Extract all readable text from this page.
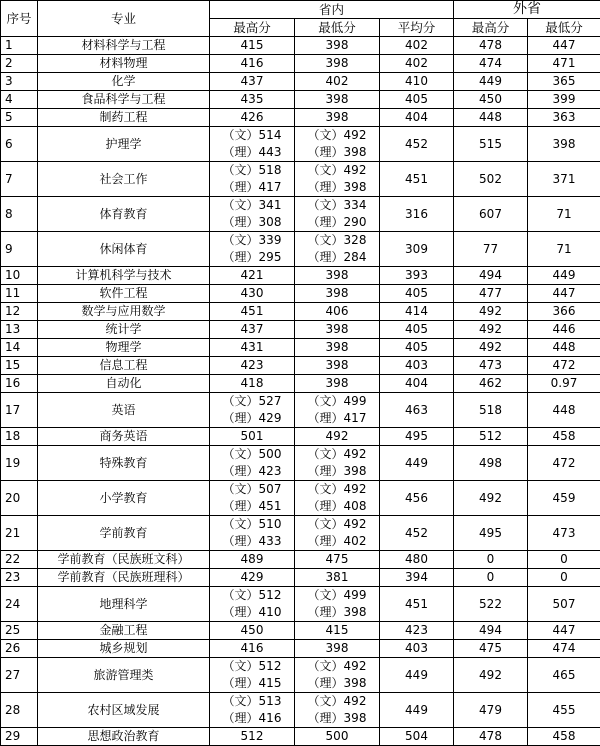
序号	专业	省内			外省	
		最高分	最低分	平均分	最高分	最低分
1	材料科学与工程	415	398	402	478	447
2	材料物理	416	398	402	474	471
3	化学	437	402	410	449	365
4	食品科学与工程	435	398	405	450	399
5	制药工程	426	398	404	448	363
6	护理学	（文）514
（理）443	（文）492
（理）398	452	515	398
7	社会工作	（文）518
（理）417	（文）492
（理）398	451	502	371
8	体育教育	（文）341
（理）308	（文）334
（理）290	316	607	71
9	休闲体育	（文）339
（理）295	（文）328
（理）284	309	77	71
10	计算机科学与技术	421	398	393	494	449
11	软件工程	430	398	405	477	447
12	数学与应用数学	451	406	414	492	366
13	统计学	437	398	405	492	446
14	物理学	431	398	405	492	448
15	信息工程	423	398	403	473	472
16	自动化	418	398	404	462	0.97
17	英语	（文）527
（理）429	（文）499
（理）417	463	518	448
18	商务英语	501	492	495	512	458
19	特殊教育	（文）500
（理）423	（文）492
（理）398	449	498	472
20	小学教育	（文）507
（理）451	（文）492
（理）408	456	492	459
21	学前教育	（文）510
（理）433	（文）492
（理）402	452	495	473
22	学前教育（民族班文科）	489	475	480	0	0
23	学前教育（民族班理科）	429	381	394	0	0
24	地理科学	（文）512
（理）410	（文）499
（理）398	451	522	507
25	金融工程	450	415	423	494	447
26	城乡规划	416	398	403	475	474
27	旅游管理类	（文）512
（理）415	（文）492
（理）398	449	492	465
28	农村区域发展	（文）513
（理）416	（文）492
（理）398	449	479	455
29	思想政治教育	512	500	504	478	458
